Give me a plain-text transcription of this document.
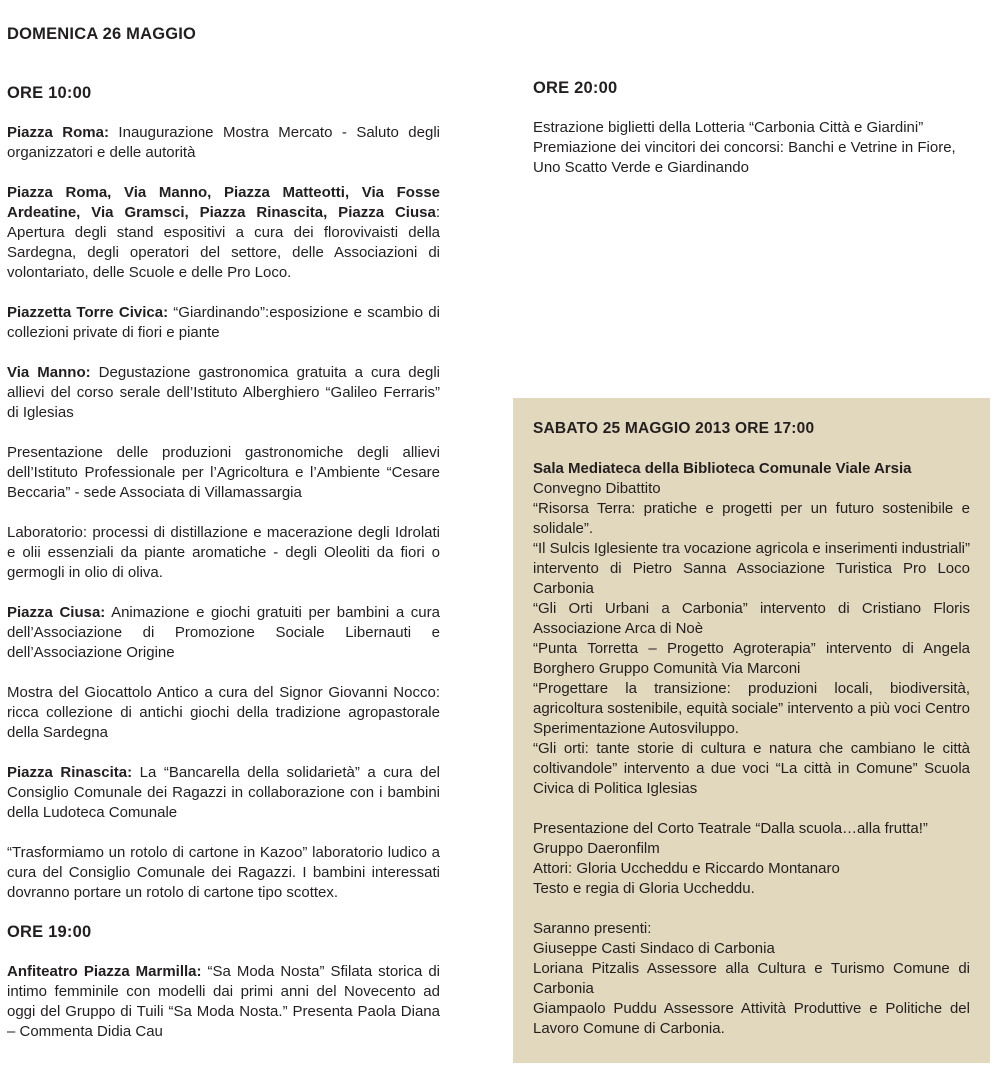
DOMENICA 26 MAGGIO
ORE 10:00

Piazza Roma: Inaugurazione Mostra Mercato - Saluto degli organizzatori e delle autorità

Piazza Roma, Via Manno, Piazza Matteotti, Via Fosse Ardeatine, Via Gramsci, Piazza Rinascita, Piazza Ciusa: Apertura degli stand espositivi a cura dei florovivaisti della Sardegna, degli operatori del settore, delle Associazioni di volontariato, delle Scuole e delle Pro Loco.

Piazzetta Torre Civica: “Giardinando”:esposizione e scambio di collezioni private di fiori e piante

Via Manno: Degustazione gastronomica gratuita a cura degli allievi del corso serale dell’Istituto Alberghiero “Galileo Ferraris” di Iglesias

Presentazione delle produzioni gastronomiche degli allievi dell’Istituto Professionale per l’Agricoltura e l’Ambiente “Cesare Beccaria” - sede Associata di Villamassargia

Laboratorio: processi di distillazione e macerazione degli Idrolati e olii essenziali da piante aromatiche - degli Oleoliti da fiori o germogli in olio di oliva.

Piazza Ciusa: Animazione e giochi gratuiti per bambini a cura dell’Associazione di Promozione Sociale Libernauti e dell’Associazione Origine

Mostra del Giocattolo Antico a cura del Signor Giovanni Nocco: ricca collezione di antichi giochi della tradizione agropastorale della Sardegna

Piazza Rinascita: La “Bancarella della solidarietà” a cura del Consiglio Comunale dei Ragazzi in collaborazione con i bambini della Ludoteca Comunale

“Trasformiamo un rotolo di cartone in Kazoo” laboratorio ludico a cura del Consiglio Comunale dei Ragazzi. I bambini interessati dovranno portare un rotolo di cartone tipo scottex.

ORE 19:00

Anfiteatro Piazza Marmilla: “Sa Moda Nosta” Sfilata storica di intimo femminile con modelli dai primi anni del Novecento ad oggi del Gruppo di Tuili “Sa Moda Nosta.” Presenta Paola Diana – Commenta Didia Cau

ORE 20:00
Estrazione biglietti della Lotteria “Carbonia Città e Giardini”
Premiazione dei vincitori dei concorsi: Banchi e Vetrine in Fiore,
Uno Scatto Verde e Giardinando
SABATO 25 MAGGIO 2013 ORE 17:00

Sala Mediateca della Biblioteca Comunale Viale Arsia

Convegno Dibattito

“Risorsa Terra: pratiche e progetti per un futuro sostenibile e solidale”.

“Il Sulcis Iglesiente tra vocazione agricola e inserimenti industriali” intervento di Pietro Sanna Associazione Turistica Pro Loco Carbonia

“Gli Orti Urbani a Carbonia” intervento di Cristiano Floris Associazione Arca di Noè

“Punta Torretta – Progetto Agroterapia” intervento di Angela Borghero Gruppo Comunità Via Marconi

“Progettare la transizione: produzioni locali, biodiversità, agricoltura sostenibile, equità sociale” intervento a più voci Centro Sperimentazione Autosviluppo.

“Gli orti: tante storie di cultura e natura che cambiano le città coltivandole” intervento a due voci “La città in Comune” Scuola Civica di Politica Iglesias

Presentazione del Corto Teatrale “Dalla scuola…alla frutta!”

Gruppo Daeronfilm

Attori: Gloria Uccheddu e Riccardo Montanaro

Testo e regia di Gloria Uccheddu.

Saranno presenti:

Giuseppe Casti Sindaco di Carbonia

Loriana Pitzalis Assessore alla Cultura e Turismo Comune di Carbonia

Giampaolo Puddu Assessore Attività Produttive e Politiche del Lavoro Comune di Carbonia.
